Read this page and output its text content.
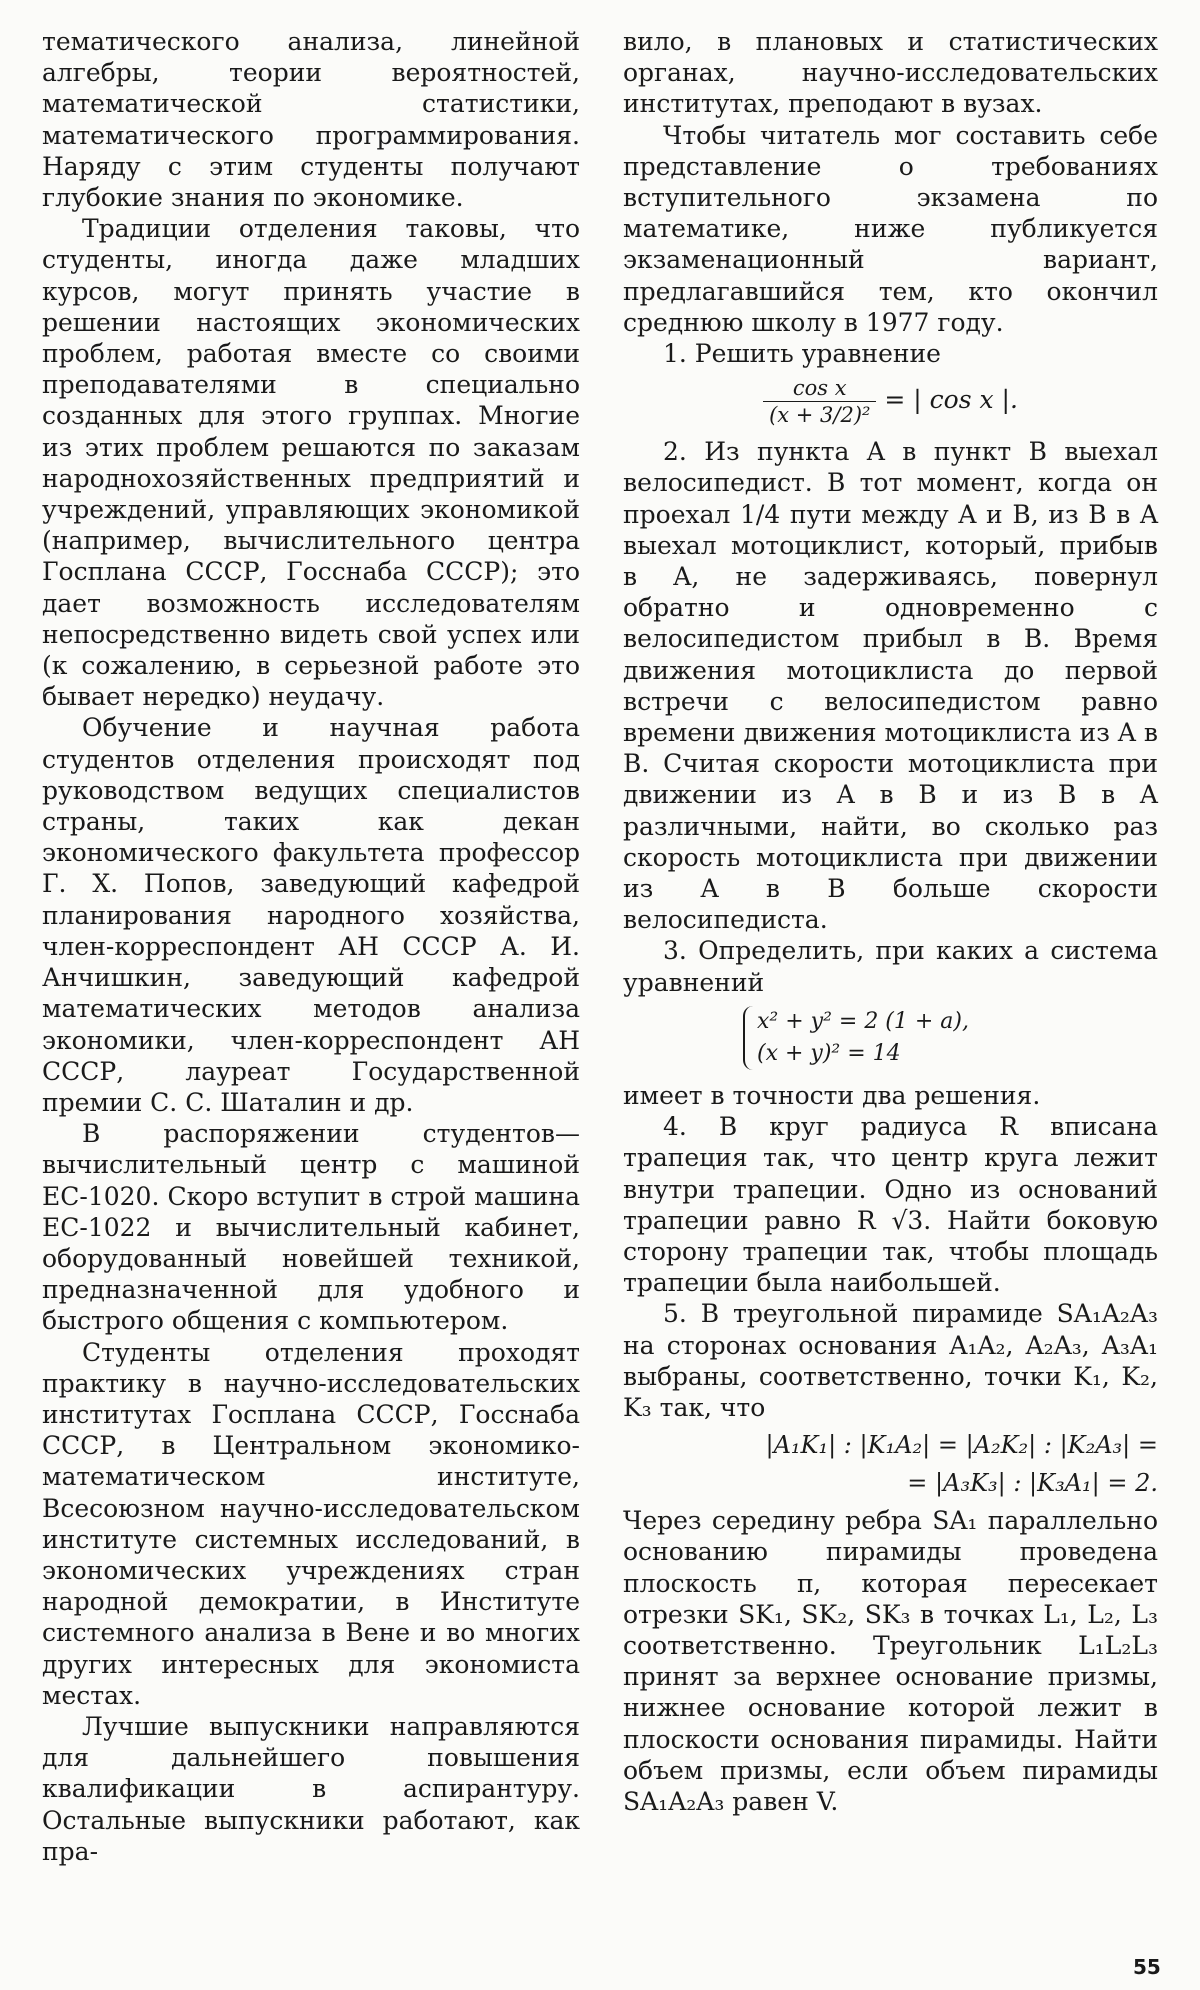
тематического анализа, линейной алгебры, теории вероятностей, математической статистики, математического программирования. Наряду с этим студенты получают глубокие знания по экономике.

Традиции отделения таковы, что студенты, иногда даже младших курсов, могут принять участие в решении настоящих экономических проблем, работая вместе со своими преподавателями в специально созданных для этого группах. Многие из этих проблем решаются по заказам народнохозяйственных предприятий и учреждений, управляющих экономикой (например, вычислительного центра Госплана СССР, Госснаба СССР); это дает возможность исследователям непосредственно видеть свой успех или (к сожалению, в серьезной работе это бывает нередко) неудачу.

Обучение и научная работа студентов отделения происходят под руководством ведущих специалистов страны, таких как декан экономического факультета профессор Г. Х. Попов, заведующий кафедрой планирования народного хозяйства, член-корреспондент АН СССР А. И. Анчишкин, заведующий кафедрой математических методов анализа экономики, член-корреспондент АН СССР, лауреат Государственной премии С. С. Шаталин и др.

В распоряжении студентов—вычислительный центр с машиной ЕС-1020. Скоро вступит в строй машина ЕС-1022 и вычислительный кабинет, оборудованный новейшей техникой, предназначенной для удобного и быстрого общения с компьютером.

Студенты отделения проходят практику в научно-исследовательских институтах Госплана СССР, Госснаба СССР, в Центральном экономико-математическом институте, Всесоюзном научно-исследовательском институте системных исследований, в экономических учреждениях стран народной демократии, в Институте системного анализа в Вене и во многих других интересных для экономиста местах.

Лучшие выпускники направляются для дальнейшего повышения квалификации в аспирантуру. Остальные выпускники работают, как пра-

вило, в плановых и статистических органах, научно-исследовательских институтах, преподают в вузах.

Чтобы читатель мог составить себе представление о требованиях вступительного экзамена по математике, ниже публикуется экзаменационный вариант, предлагавшийся тем, кто окончил среднюю школу в 1977 году.

1. Решить уравнение

$\frac{\text{cos x}}{\text{(x + 3/2)²}}$ = | cos x |.

2. Из пункта A в пункт B выехал велосипедист. В тот момент, когда он проехал 1/4 пути между A и B, из B в A выехал мотоциклист, который, прибыв в A, не задерживаясь, повернул обратно и одновременно с велосипедистом прибыл в B. Время движения мотоциклиста до первой встречи с велосипедистом равно времени движения мотоциклиста из A в B. Считая скорости мотоциклиста при движении из A в B и из B в A различными, найти, во сколько раз скорость мотоциклиста при движении из A в B больше скорости велосипедиста.

3. Определить, при каких a система уравнений

x² + y² = 2 (1 + a),
(x + y)² = 14

имеет в точности два решения.

4. В круг радиуса R вписана трапеция так, что центр круга лежит внутри трапеции. Одно из оснований трапеции равно R √3. Найти боковую сторону трапеции так, чтобы площадь трапеции была наибольшей.

5. В треугольной пирамиде SA₁A₂A₃ на сторонах основания A₁A₂, A₂A₃, A₃A₁ выбраны, соответственно, точки K₁, K₂, K₃ так, что

|A₁K₁| : |K₁A₂| = |A₂K₂| : |K₂A₃| =
= |A₃K₃| : |K₃A₁| = 2.

Через середину ребра SA₁ параллельно основанию пирамиды проведена плоскость π, которая пересекает отрезки SK₁, SK₂, SK₃ в точках L₁, L₂, L₃ соответственно. Треугольник L₁L₂L₃ принят за верхнее основание призмы, нижнее основание которой лежит в плоскости основания пирамиды. Найти объем призмы, если объем пирамиды SA₁A₂A₃ равен V.

55
